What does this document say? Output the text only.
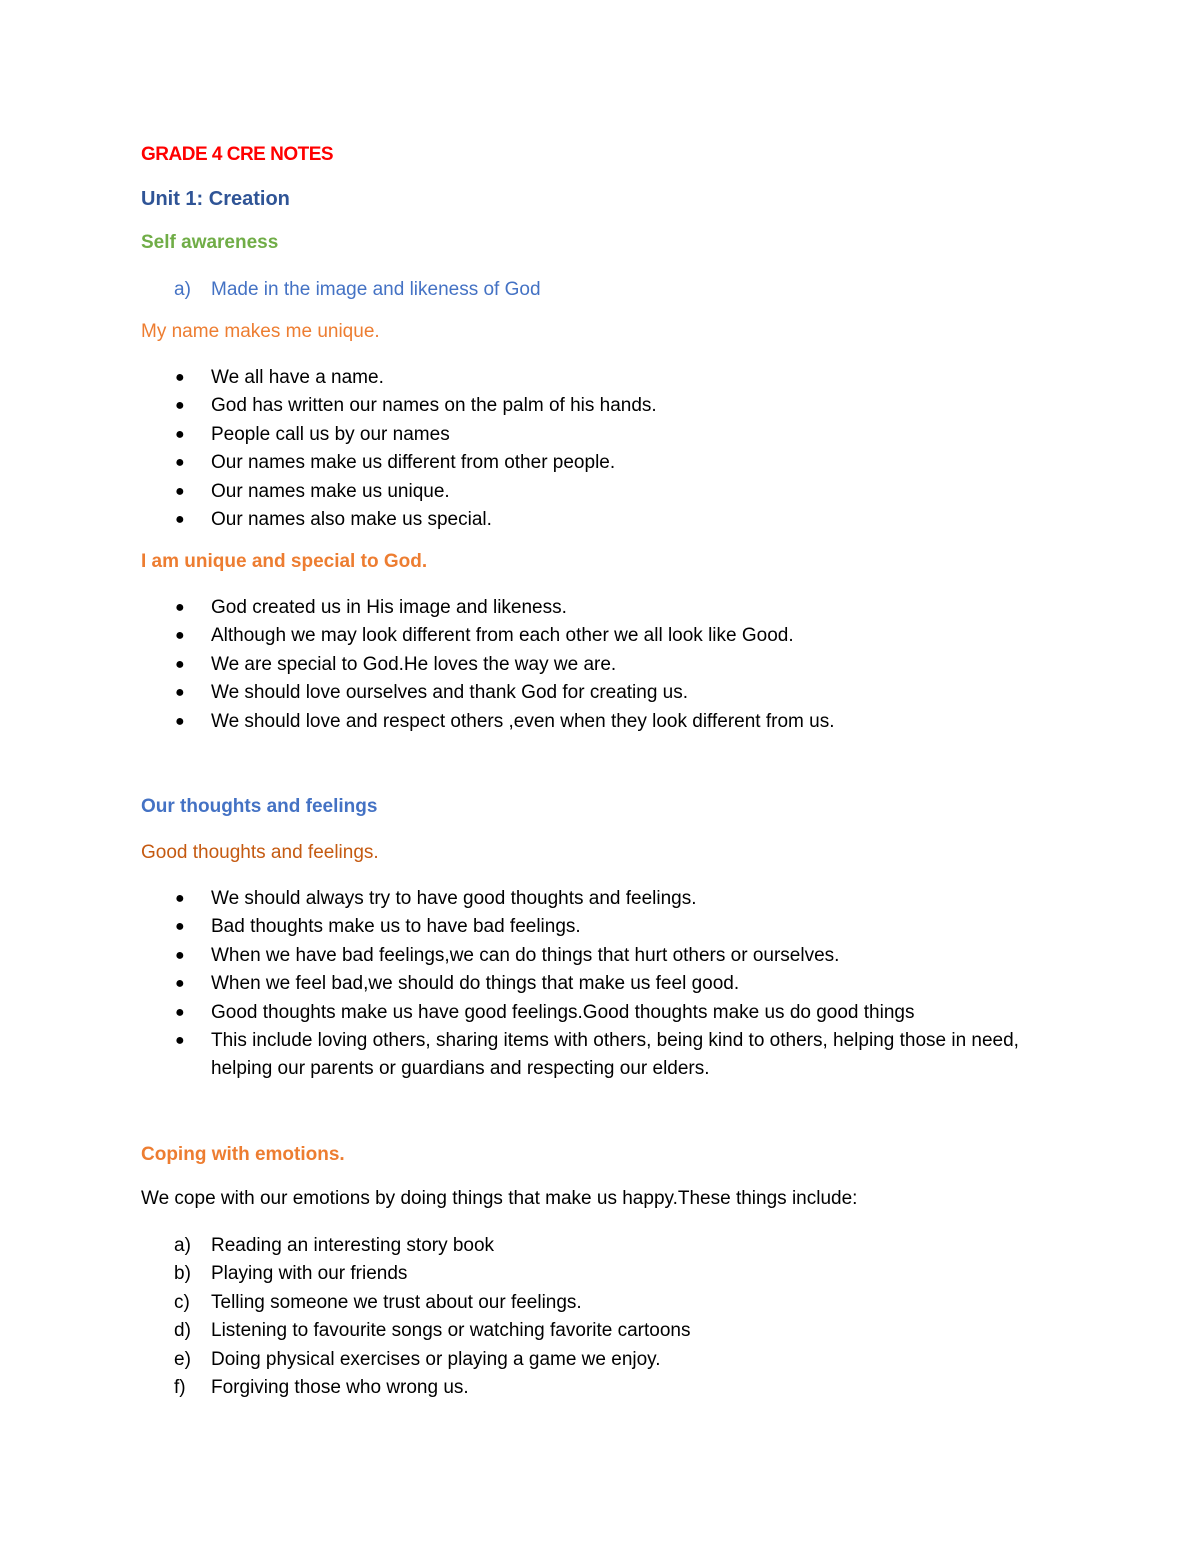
GRADE 4 CRE NOTES

Unit 1: Creation

Self awareness

a) Made in the image and likeness of God

My name makes me unique.

● We all have a name.
● God has written our names on the palm of his hands.
● People call us by our names
● Our names make us different from other people.
● Our names make us unique.
● Our names also make us special.

I am unique and special to God.

● God created us in His image and likeness.
● Although we may look different from each other we all look like Good.
● We are special to God.He loves the way we are.
● We should love ourselves and thank God for creating us.
● We should love and respect others ,even when they look different from us.

Our thoughts and feelings

Good thoughts and feelings.

● We should always try to have good thoughts and feelings.
● Bad thoughts make us to have bad feelings.
● When we have bad feelings,we can do things that hurt others or ourselves.
● When we feel bad,we should do things that make us feel good.
● Good thoughts make us have good feelings.Good thoughts make us do good things
● This include loving others, sharing items with others, being kind to others, helping those in need, helping our parents or guardians and respecting our elders.

Coping with emotions.

We cope with our emotions by doing things that make us happy.These things include:

a) Reading an interesting story book
b) Playing with our friends
c) Telling someone we trust about our feelings.
d) Listening to favourite songs or watching favorite cartoons
e) Doing physical exercises or playing a game we enjoy.
f) Forgiving those who wrong us.
